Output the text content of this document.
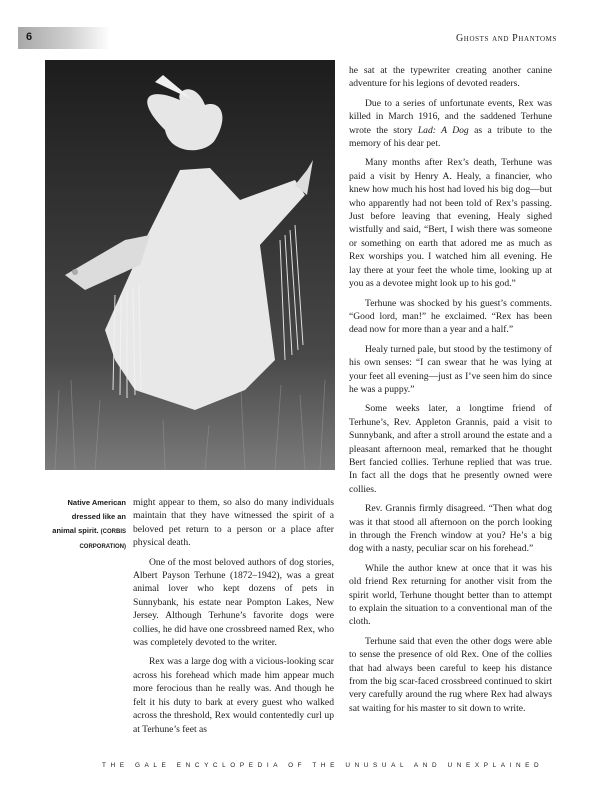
6	Ghosts and Phantoms
Native American dressed like an animal spirit. (CORBIS CORPORATION)

might appear to them, so also do many individuals maintain that they have witnessed the spirit of a beloved pet return to a person or a place after physical death.

One of the most beloved authors of dog stories, Albert Payson Terhune (1872–1942), was a great animal lover who kept dozens of pets in Sunnybank, his estate near Pompton Lakes, New Jersey. Although Terhune’s favorite dogs were collies, he did have one crossbreed named Rex, who was completely devoted to the writer.

Rex was a large dog with a vicious-looking scar across his forehead which made him appear much more ferocious than he really was. And though he felt it his duty to bark at every guest who walked across the threshold, Rex would contentedly curl up at Terhune’s feet as

he sat at the typewriter creating another canine adventure for his legions of devoted readers.

Due to a series of unfortunate events, Rex was killed in March 1916, and the saddened Terhune wrote the story Lad: A Dog as a tribute to the memory of his dear pet.

Many months after Rex’s death, Terhune was paid a visit by Henry A. Healy, a financier, who knew how much his host had loved his big dog—but who apparently had not been told of Rex’s passing. Just before leaving that evening, Healy sighed wistfully and said, “Bert, I wish there was someone or something on earth that adored me as much as Rex worships you. I watched him all evening. He lay there at your feet the whole time, looking up at you as a devotee might look up to his god.”

Terhune was shocked by his guest’s comments. “Good lord, man!” he exclaimed. “Rex has been dead now for more than a year and a half.”

Healy turned pale, but stood by the testimony of his own senses: “I can swear that he was lying at your feet all evening—just as I’ve seen him do since he was a puppy.”

Some weeks later, a longtime friend of Terhune’s, Rev. Appleton Grannis, paid a visit to Sunnybank, and after a stroll around the estate and a pleasant afternoon meal, remarked that he thought Bert fancied collies. Terhune replied that was true. In fact all the dogs that he presently owned were collies.

Rev. Grannis firmly disagreed. “Then what dog was it that stood all afternoon on the porch looking in through the French window at you? He’s a big dog with a nasty, peculiar scar on his forehead.”

While the author knew at once that it was his old friend Rex returning for another visit from the spirit world, Terhune thought better than to attempt to explain the situation to a conventional man of the cloth.

Terhune said that even the other dogs were able to sense the presence of old Rex. One of the collies that had always been careful to keep his distance from the big scar-faced crossbreed continued to skirt very carefully around the rug where Rex had always sat waiting for his master to sit down to write.

THE GALE ENCYCLOPEDIA OF THE UNUSUAL AND UNEXPLAINED
